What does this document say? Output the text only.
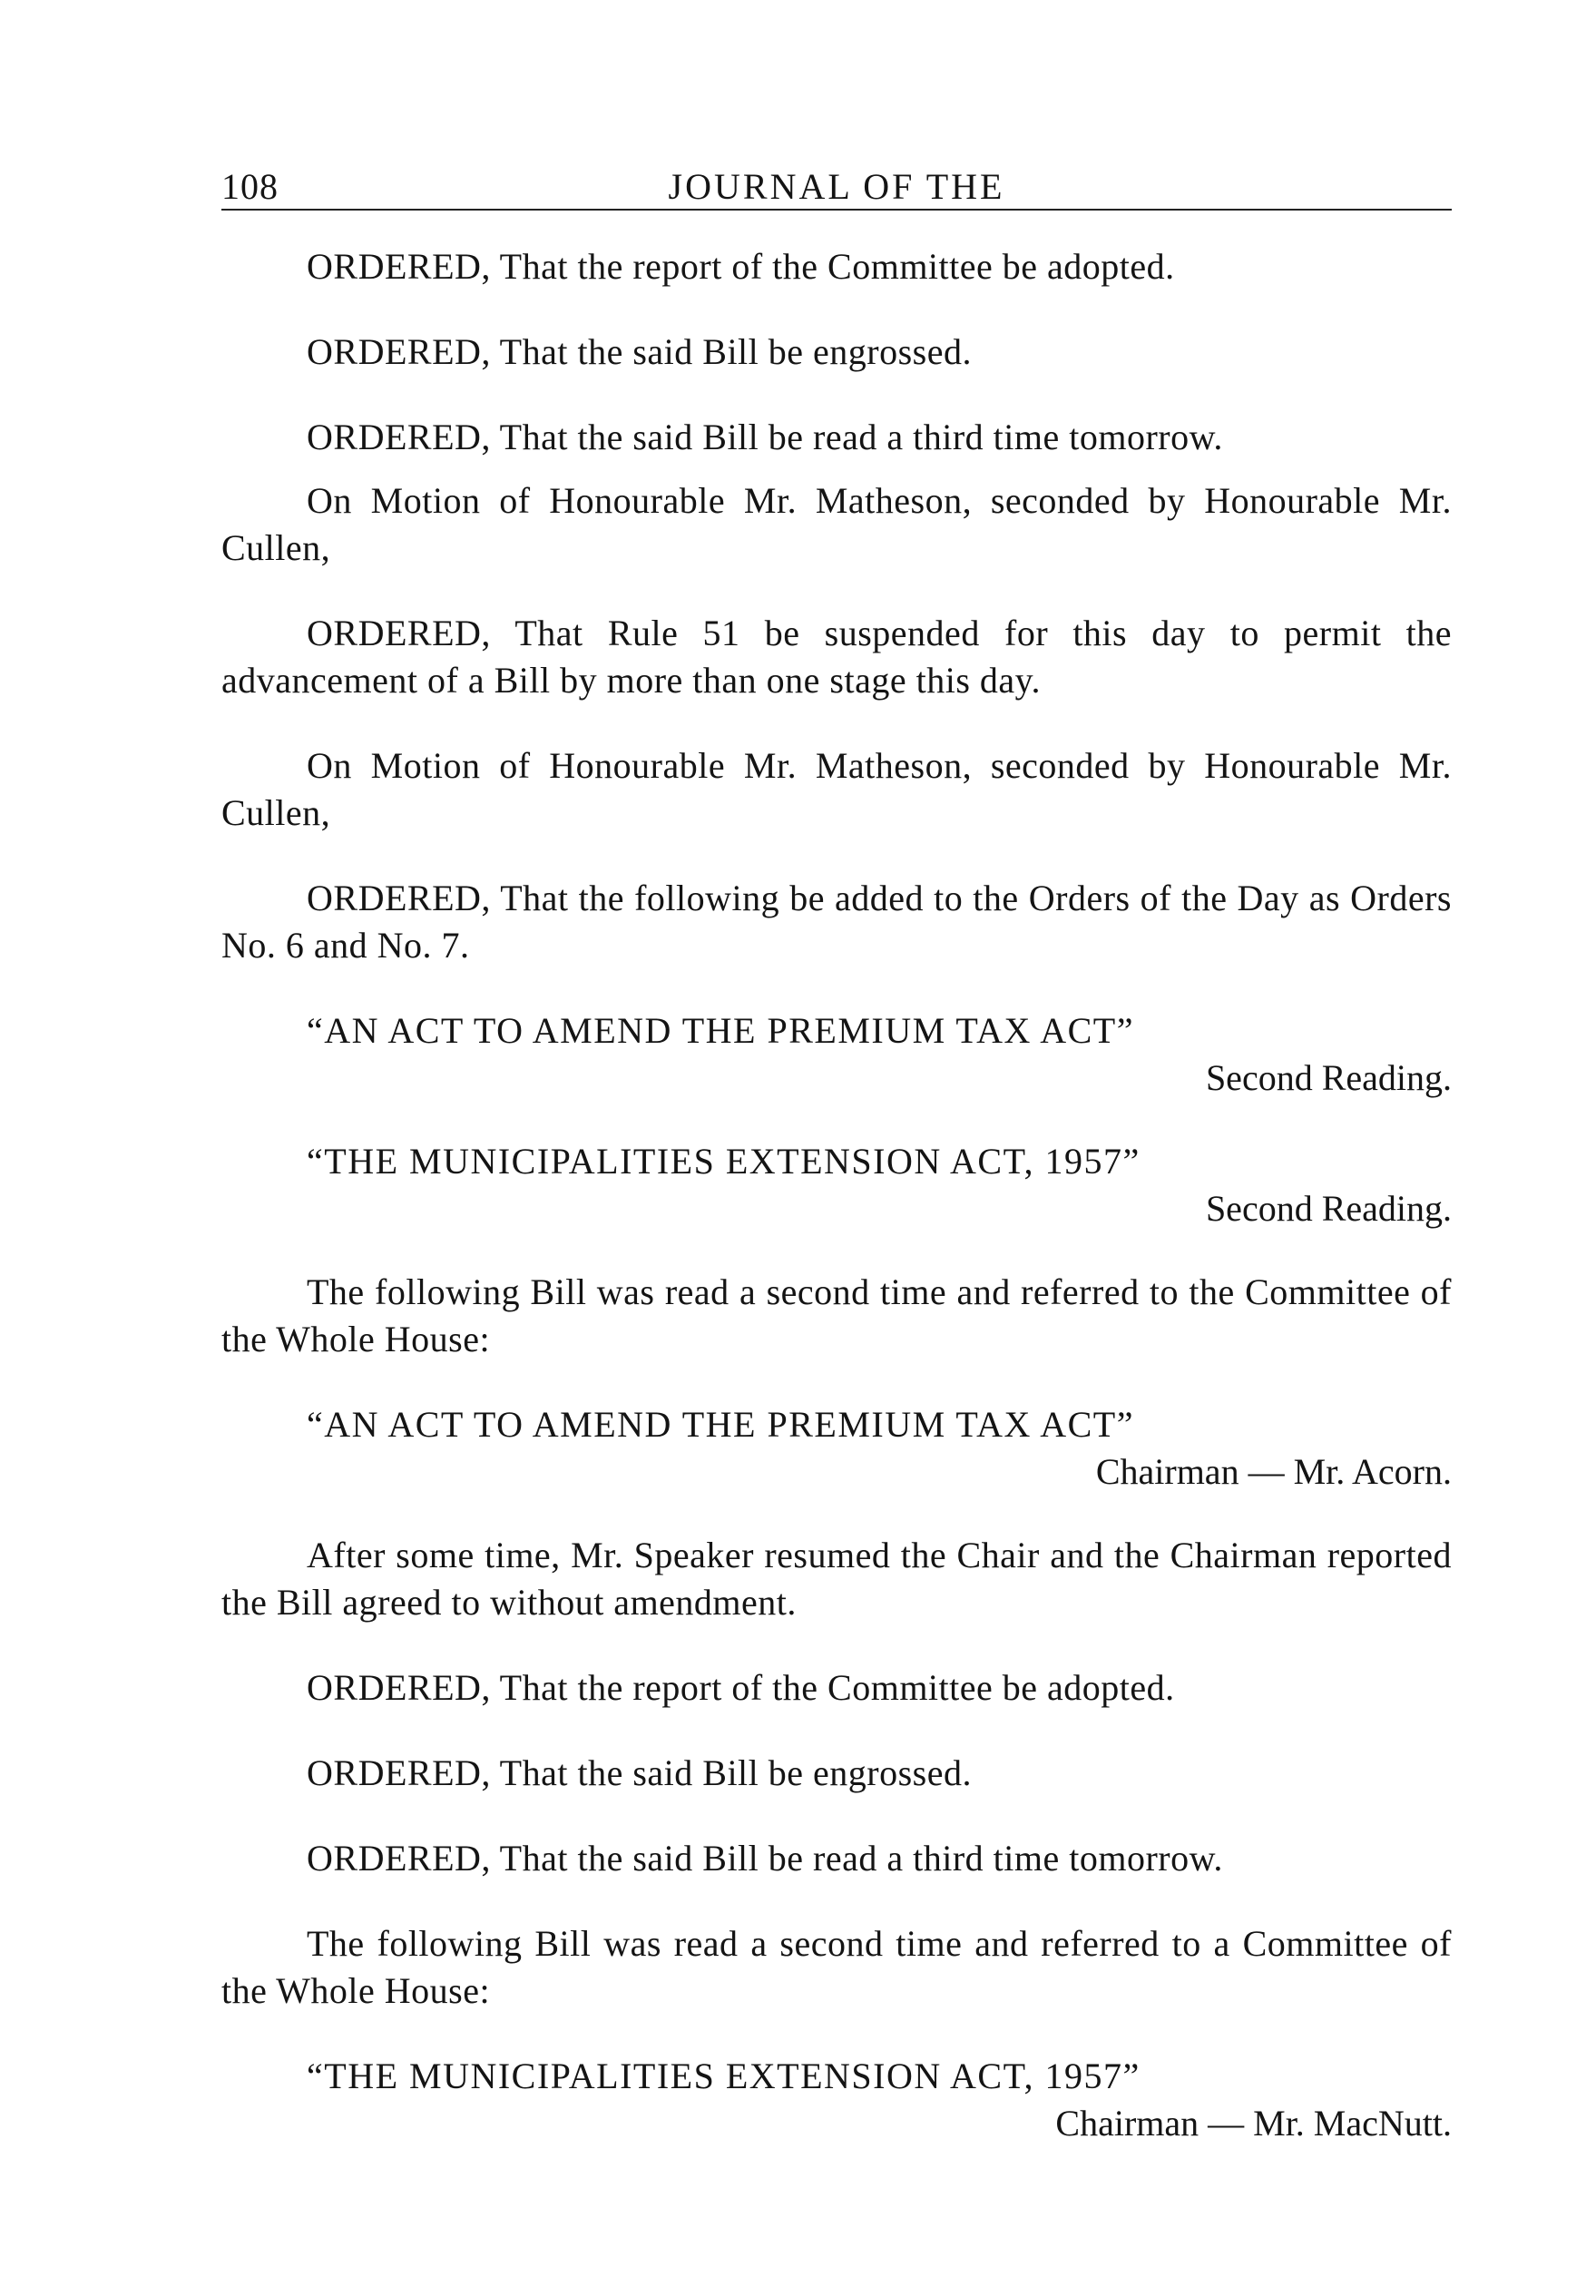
108	JOURNAL OF THE

ORDERED, That the report of the Committee be adopted.

ORDERED, That the said Bill be engrossed.

ORDERED, That the said Bill be read a third time tomorrow.

On Motion of Honourable Mr. Matheson, seconded by Honourable Mr. Cullen,

ORDERED, That Rule 51 be suspended for this day to permit the advancement of a Bill by more than one stage this day.

On Motion of Honourable Mr. Matheson, seconded by Honourable Mr. Cullen,

ORDERED, That the following be added to the Orders of the Day as Orders No. 6 and No. 7.

“AN ACT TO AMEND THE PREMIUM TAX ACT”
Second Reading.
“THE MUNICIPALITIES EXTENSION ACT, 1957”
Second Reading.

The following Bill was read a second time and referred to the Committee of the Whole House:

“AN ACT TO AMEND THE PREMIUM TAX ACT”
Chairman — Mr. Acorn.

After some time, Mr. Speaker resumed the Chair and the Chairman reported the Bill agreed to without amendment.

ORDERED, That the report of the Committee be adopted.

ORDERED, That the said Bill be engrossed.

ORDERED, That the said Bill be read a third time tomorrow.

The following Bill was read a second time and referred to a Committee of the Whole House:

“THE MUNICIPALITIES EXTENSION ACT, 1957”
Chairman — Mr. MacNutt.
